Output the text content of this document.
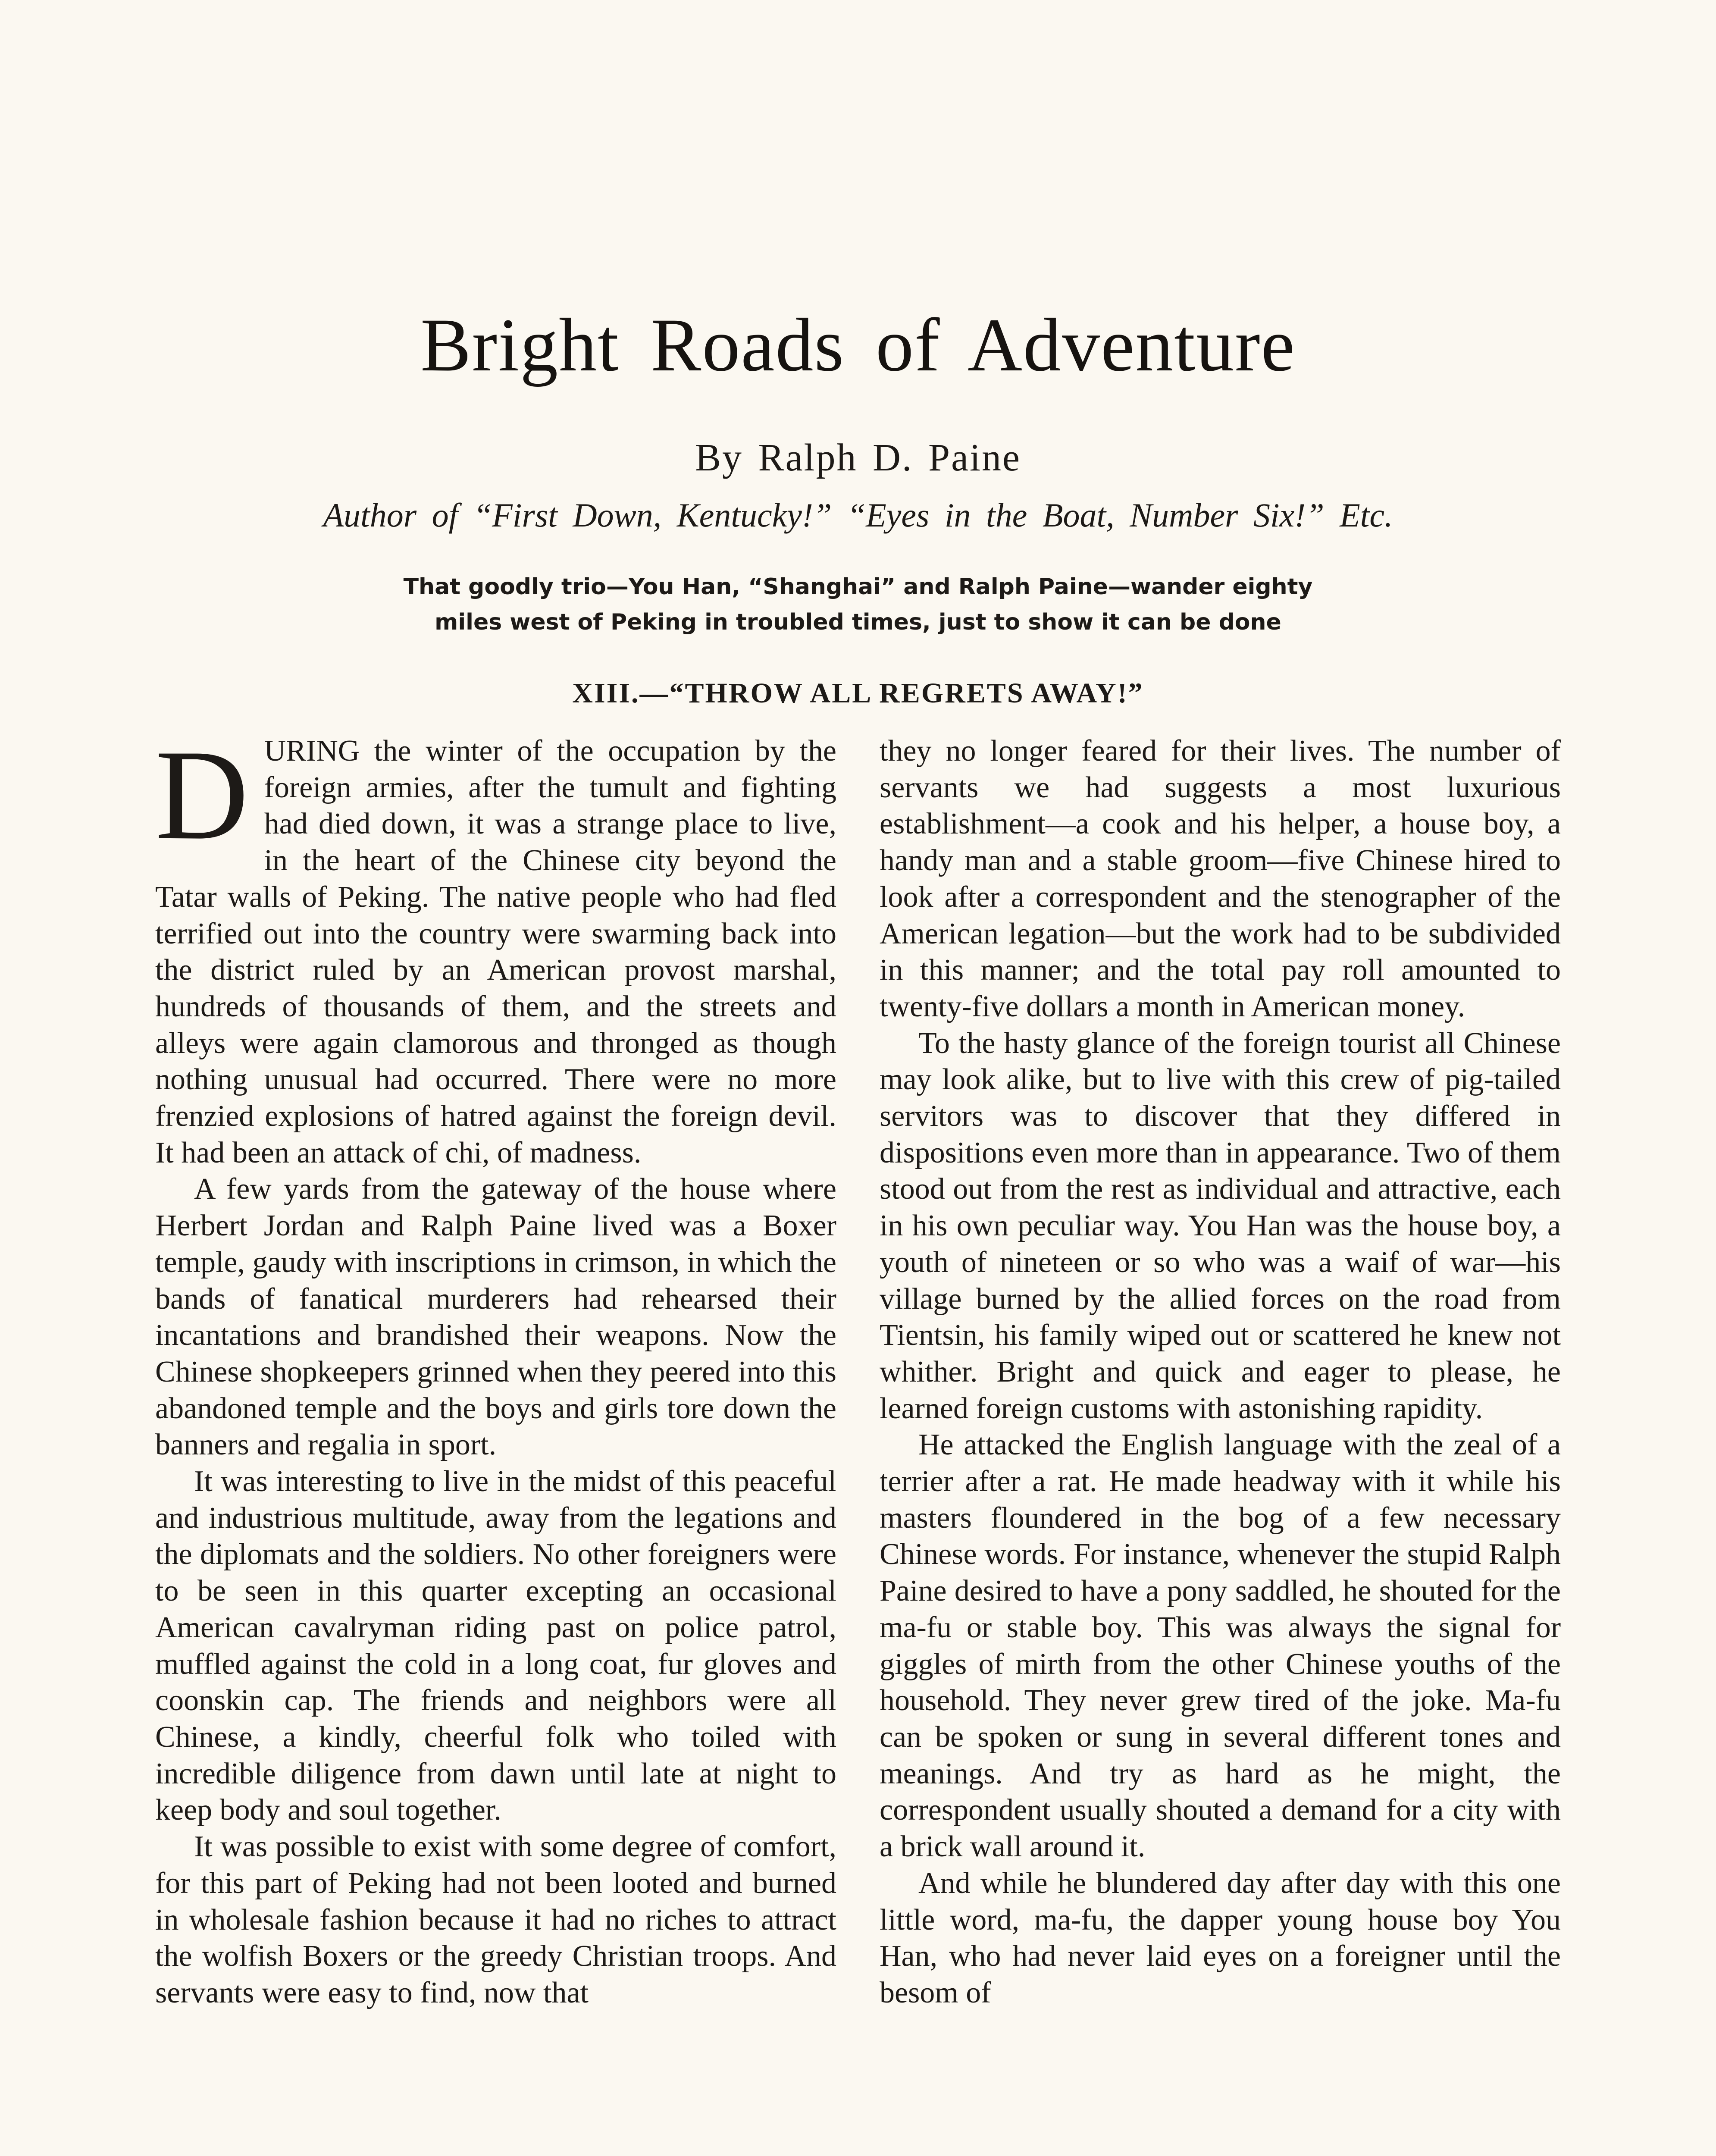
Bright Roads of Adventure
By Ralph D. Paine
Author of “First Down, Kentucky!” “Eyes in the Boat, Number Six!” Etc.
That goodly trio—You Han, “Shanghai” and Ralph Paine—wander eighty
miles west of Peking in troubled times, just to show it can be done
XIII.—“THROW ALL REGRETS AWAY!”

DURING the winter of the occupation by the foreign armies, after the tumult and fighting had died down, it was a strange place to live, in the heart of the Chinese city beyond the Tatar walls of Peking. The native people who had fled terrified out into the country were swarming back into the district ruled by an American provost marshal, hundreds of thousands of them, and the streets and alleys were again clamorous and thronged as though nothing unusual had occurred. There were no more frenzied explosions of hatred against the foreign devil. It had been an attack of chi, of madness.

A few yards from the gateway of the house where Herbert Jordan and Ralph Paine lived was a Boxer temple, gaudy with inscriptions in crimson, in which the bands of fanatical murderers had rehearsed their incantations and brandished their weapons. Now the Chinese shopkeepers grinned when they peered into this abandoned temple and the boys and girls tore down the banners and regalia in sport.

It was interesting to live in the midst of this peaceful and industrious multitude, away from the legations and the diplomats and the soldiers. No other foreigners were to be seen in this quarter excepting an occasional American cavalryman riding past on police patrol, muffled against the cold in a long coat, fur gloves and coonskin cap. The friends and neighbors were all Chinese, a kindly, cheerful folk who toiled with incredible diligence from dawn until late at night to keep body and soul together.

It was possible to exist with some degree of comfort, for this part of Peking had not been looted and burned in wholesale fashion because it had no riches to attract the wolfish Boxers or the greedy Christian troops. And servants were easy to find, now that

they no longer feared for their lives. The number of servants we had suggests a most luxurious establishment—a cook and his helper, a house boy, a handy man and a stable groom—five Chinese hired to look after a correspondent and the stenographer of the American legation—but the work had to be subdivided in this manner; and the total pay roll amounted to twenty-five dollars a month in American money.

To the hasty glance of the foreign tourist all Chinese may look alike, but to live with this crew of pig-tailed servitors was to discover that they differed in dispositions even more than in appearance. Two of them stood out from the rest as individual and attractive, each in his own peculiar way. You Han was the house boy, a youth of nineteen or so who was a waif of war—his village burned by the allied forces on the road from Tientsin, his family wiped out or scattered he knew not whither. Bright and quick and eager to please, he learned foreign customs with astonishing rapidity.

He attacked the English language with the zeal of a terrier after a rat. He made headway with it while his masters floundered in the bog of a few necessary Chinese words. For instance, whenever the stupid Ralph Paine desired to have a pony saddled, he shouted for the ma-fu or stable boy. This was always the signal for giggles of mirth from the other Chinese youths of the household. They never grew tired of the joke. Ma-fu can be spoken or sung in several different tones and meanings. And try as hard as he might, the correspondent usually shouted a demand for a city with a brick wall around it.

And while he blundered day after day with this one little word, ma-fu, the dapper young house boy You Han, who had never laid eyes on a foreigner until the besom of
